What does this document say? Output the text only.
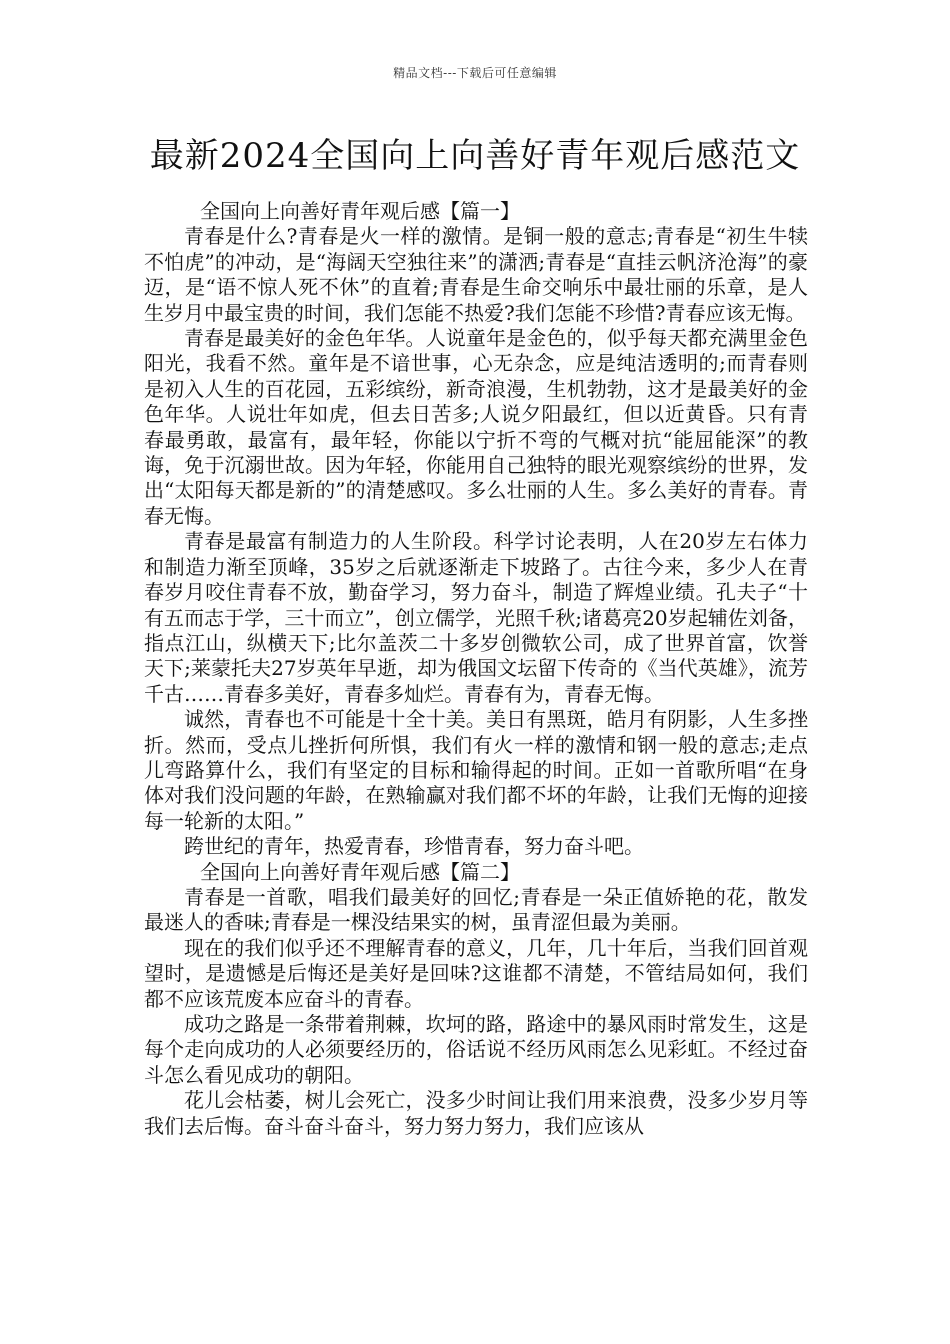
精品文档---下载后可任意编辑
最新2024全国向上向善好青年观后感范文
全国向上向善好青年观后感【篇一】

青春是什么?青春是火一样的激情。是铜一般的意志;青春是“初生牛犊不怕虎”的冲动，是“海阔天空独往来”的潇洒;青春是“直挂云帆济沧海”的豪迈，是“语不惊人死不休”的直着;青春是生命交响乐中最壮丽的乐章，是人生岁月中最宝贵的时间，我们怎能不热爱?我们怎能不珍惜?青春应该无悔。

青春是最美好的金色年华。人说童年是金色的，似乎每天都充满里金色阳光，我看不然。童年是不谙世事，心无杂念，应是纯洁透明的;而青春则是初入人生的百花园，五彩缤纷，新奇浪漫，生机勃勃，这才是最美好的金色年华。人说壮年如虎，但去日苦多;人说夕阳最红，但以近黄昏。只有青春最勇敢，最富有，最年轻，你能以宁折不弯的气概对抗“能屈能深”的教诲，免于沉溺世故。因为年轻，你能用自己独特的眼光观察缤纷的世界，发出“太阳每天都是新的”的清楚感叹。多么壮丽的人生。多么美好的青春。青春无悔。

青春是最富有制造力的人生阶段。科学讨论表明，人在20岁左右体力和制造力渐至顶峰，35岁之后就逐渐走下坡路了。古往今来，多少人在青春岁月咬住青春不放，勤奋学习，努力奋斗，制造了辉煌业绩。孔夫子“十有五而志于学，三十而立”，创立儒学，光照千秋;诸葛亮20岁起辅佐刘备，指点江山，纵横天下;比尔盖茨二十多岁创微软公司，成了世界首富，饮誉天下;莱蒙托夫27岁英年早逝，却为俄国文坛留下传奇的《当代英雄》，流芳千古……青春多美好，青春多灿烂。青春有为，青春无悔。

诚然，青春也不可能是十全十美。美日有黑斑，皓月有阴影，人生多挫折。然而，受点儿挫折何所惧，我们有火一样的激情和钢一般的意志;走点儿弯路算什么，我们有坚定的目标和输得起的时间。正如一首歌所唱“在身体对我们没问题的年龄，在熟输赢对我们都不坏的年龄，让我们无悔的迎接每一轮新的太阳。”

跨世纪的青年，热爱青春，珍惜青春，努力奋斗吧。

全国向上向善好青年观后感【篇二】

青春是一首歌，唱我们最美好的回忆;青春是一朵正值娇艳的花，散发最迷人的香味;青春是一棵没结果实的树，虽青涩但最为美丽。

现在的我们似乎还不理解青春的意义，几年，几十年后，当我们回首观望时，是遗憾是后悔还是美好是回味?这谁都不清楚，不管结局如何，我们都不应该荒废本应奋斗的青春。

成功之路是一条带着荆棘，坎坷的路，路途中的暴风雨时常发生，这是每个走向成功的人必须要经历的，俗话说不经历风雨怎么见彩虹。不经过奋斗怎么看见成功的朝阳。

花儿会枯萎，树儿会死亡，没多少时间让我们用来浪费，没多少岁月等我们去后悔。奋斗奋斗奋斗，努力努力努力，我们应该从
